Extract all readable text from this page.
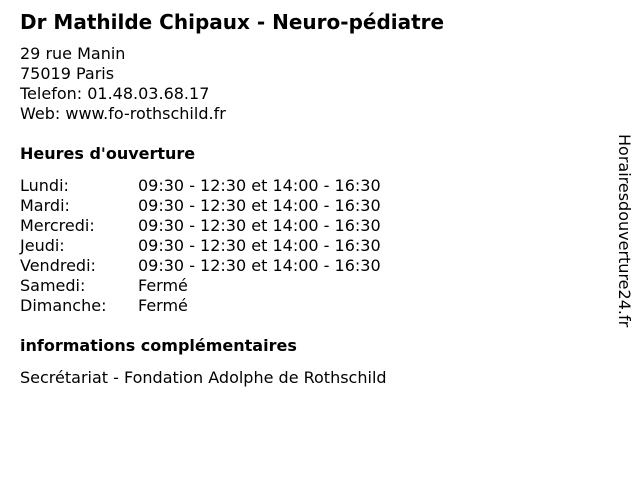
Dr Mathilde Chipaux - Neuro-pédiatre
29 rue Manin
75019 Paris
Telefon: 01.48.03.68.17
Web: www.fo-rothschild.fr
Heures d'ouverture
Lundi:	09:30 - 12:30 et 14:00 - 16:30
Mardi:	09:30 - 12:30 et 14:00 - 16:30
Mercredi:	09:30 - 12:30 et 14:00 - 16:30
Jeudi:	09:30 - 12:30 et 14:00 - 16:30
Vendredi:	09:30 - 12:30 et 14:00 - 16:30
Samedi:	Fermé
Dimanche:	Fermé
informations complémentaires
Secrétariat - Fondation Adolphe de Rothschild
Horairesdouverture24.fr
